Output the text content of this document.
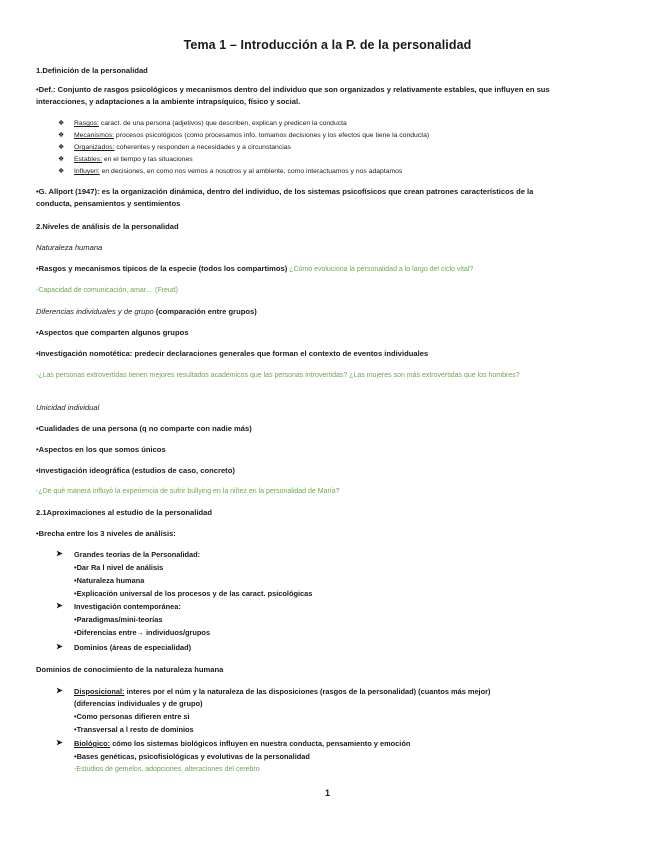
Tema 1 – Introducción a la P. de la personalidad
1.Definición de la personalidad
•Def.: Conjunto de rasgos psicológicos y mecanismos dentro del individuo que son organizados y relativamente estables, que influyen en sus interacciones, y adaptaciones a la ambiente intrapsíquico, físico y social.
❖ Rasgos: caract. de una persona (adjetivos) que describen, explican y predicen la conducta
❖ Mecanismos: procesos psicológicos (como procesamos info, tomamos decisiones y los efectos que tiene la conducta)
❖ Organizados: coherentes y responden a necesidades y a circunstancias
❖ Estables: en el tiempo y las situaciones
❖ Influyen: en decisiones, en como nos vemos a nosotros y al ambiente, como interactuamos y nos adaptamos
•G. Allport (1947): es la organización dinámica, dentro del individuo, de los sistemas psicofísicos que crean patrones característicos de la conducta, pensamientos y sentimientos
2.Niveles de análisis de la personalidad
Naturaleza humana
•Rasgos y mecanismos típicos de la especie (todos los compartimos) ¿Cómo evoluciona la personalidad a lo largo del ciclo vital?
-Capacidad de comunicación, amar… (Freud)
Diferencias individuales y de grupo (comparación entre grupos)
•Aspectos que comparten algunos grupos
•Investigación nomotética: predecir declaraciones generales que forman el contexto de eventos individuales
-¿Las personas extrovertidas tienen mejores resultados académicos que las personas introvertidas? ¿Las mujeres son más extrovertidas que los hombres?
Unicidad individual
•Cualidades de una persona (q no comparte con nadie más)
•Aspectos en los que somos únicos
•Investigación ideográfica (estudios de caso, concreto)
-¿De qué manera influyó la experiencia de sufrir bullying en la niñez en la personalidad de María?
2.1Aproximaciones al estudio de la personalidad
•Brecha entre los 3 niveles de análisis:
➤ Grandes teorías de la Personalidad:
•Dar Ra l nivel de análisis
•Naturaleza humana
•Explicación universal de los procesos y de las caract. psicológicas
➤ Investigación contemporánea:
•Paradigmas/mini-teorías
•Diferencias entre→ individuos/grupos
➤ Dominios (áreas de especialidad)
Dominios de conocimiento de la naturaleza humana
➤ Disposicional: interes por el núm y la naturaleza de las disposiciones (rasgos de la personalidad) (cuantos más mejor)
(diferencias individuales y de grupo)
•Como personas difieren entre si
•Transversal a l resto de dominios
➤ Biológico: cómo los sistemas biológicos influyen en nuestra conducta, pensamiento y emoción
•Bases genéticas, psicofisiológicas y evolutivas de la personalidad
-Estudios de gemelos, adopciones, alteraciones del cerebro
1
